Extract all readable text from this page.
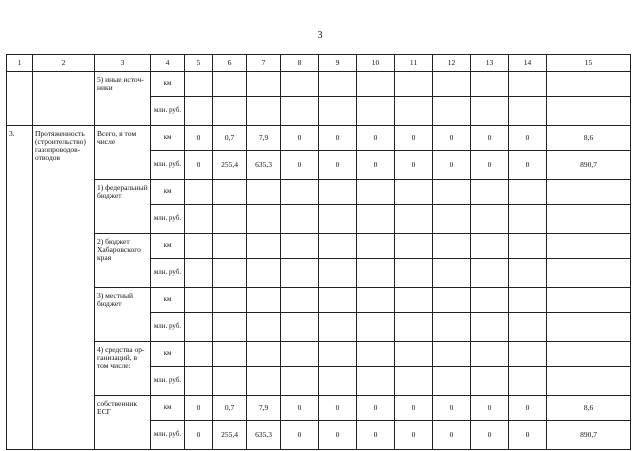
3
1	2	3	4	5	6	7	8	9	10	11	12	13	14	15
		5) иные источ-ники	км											
			млн. руб.											
3.	Протяженность (строительство) газопроводов-отводов	Всего, в том числе	км	0	0,7	7,9	0	0	0	0	0	0	0	8,6
			млн. руб.	0	255,4	635,3	0	0	0	0	0	0	0	890,7
		1) федеральный бюджет	км											
			млн. руб.											
		2) бюджет Хабаровского края	км											
			млн. руб.											
		3) местный бюджет	км											
			млн. руб.											
		4) средства ор-ганизаций, в том числе:	км											
			млн. руб.											
		собственник ЕСГ	км	0	0,7	7,9	0	0	0	0	0	0	0	8,6
			млн. руб.	0	255,4	635,3	0	0	0	0	0	0	0	890,7
